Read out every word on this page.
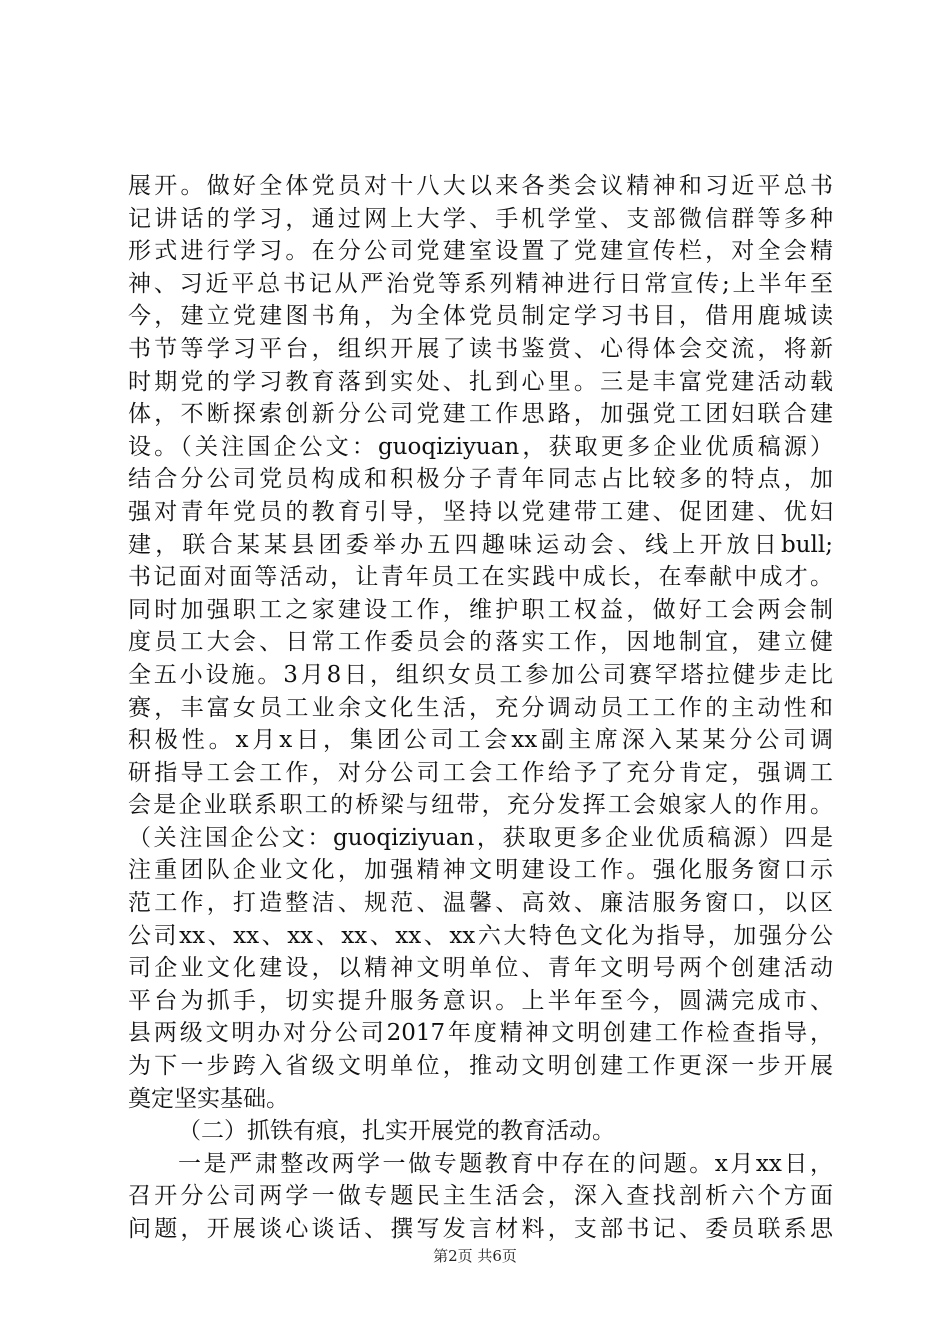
展开。做好全体党员对十八大以来各类会议精神和习近平总书
记讲话的学习，通过网上大学、手机学堂、支部微信群等多种
形式进行学习。在分公司党建室设置了党建宣传栏，对全会精
神、习近平总书记从严治党等系列精神进行日常宣传;上半年至
今，建立党建图书角，为全体党员制定学习书目，借用鹿城读
书节等学习平台，组织开展了读书鉴赏、心得体会交流，将新
时期党的学习教育落到实处、扎到心里。三是丰富党建活动载
体，不断探索创新分公司党建工作思路，加强党工团妇联合建
设。（关注国企公文：guoqiziyuan，获取更多企业优质稿源）
结合分公司党员构成和积极分子青年同志占比较多的特点，加
强对青年党员的教育引导，坚持以党建带工建、促团建、优妇
建，联合某某县团委举办五四趣味运动会、线上开放日bull;
书记面对面等活动，让青年员工在实践中成长，在奉献中成才。
同时加强职工之家建设工作，维护职工权益，做好工会两会制
度员工大会、日常工作委员会的落实工作，因地制宜，建立健
全五小设施。3月8日，组织女员工参加公司赛罕塔拉健步走比
赛，丰富女员工业余文化生活，充分调动员工工作的主动性和
积极性。x月x日，集团公司工会xx副主席深入某某分公司调
研指导工会工作，对分公司工会工作给予了充分肯定，强调工
会是企业联系职工的桥梁与纽带，充分发挥工会娘家人的作用。
（关注国企公文：guoqiziyuan，获取更多企业优质稿源）四是
注重团队企业文化，加强精神文明建设工作。强化服务窗口示
范工作，打造整洁、规范、温馨、高效、廉洁服务窗口，以区
公司xx、xx、xx、xx、xx、xx六大特色文化为指导，加强分公
司企业文化建设，以精神文明单位、青年文明号两个创建活动
平台为抓手，切实提升服务意识。上半年至今，圆满完成市、
县两级文明办对分公司2017年度精神文明创建工作检查指导，
为下一步跨入省级文明单位，推动文明创建工作更深一步开展
奠定坚实基础。
（二）抓铁有痕，扎实开展党的教育活动。
一是严肃整改两学一做专题教育中存在的问题。x月xx日，
召开分公司两学一做专题民主生活会，深入查找剖析六个方面
问题，开展谈心谈话、撰写发言材料，支部书记、委员联系思
第2页 共6页
